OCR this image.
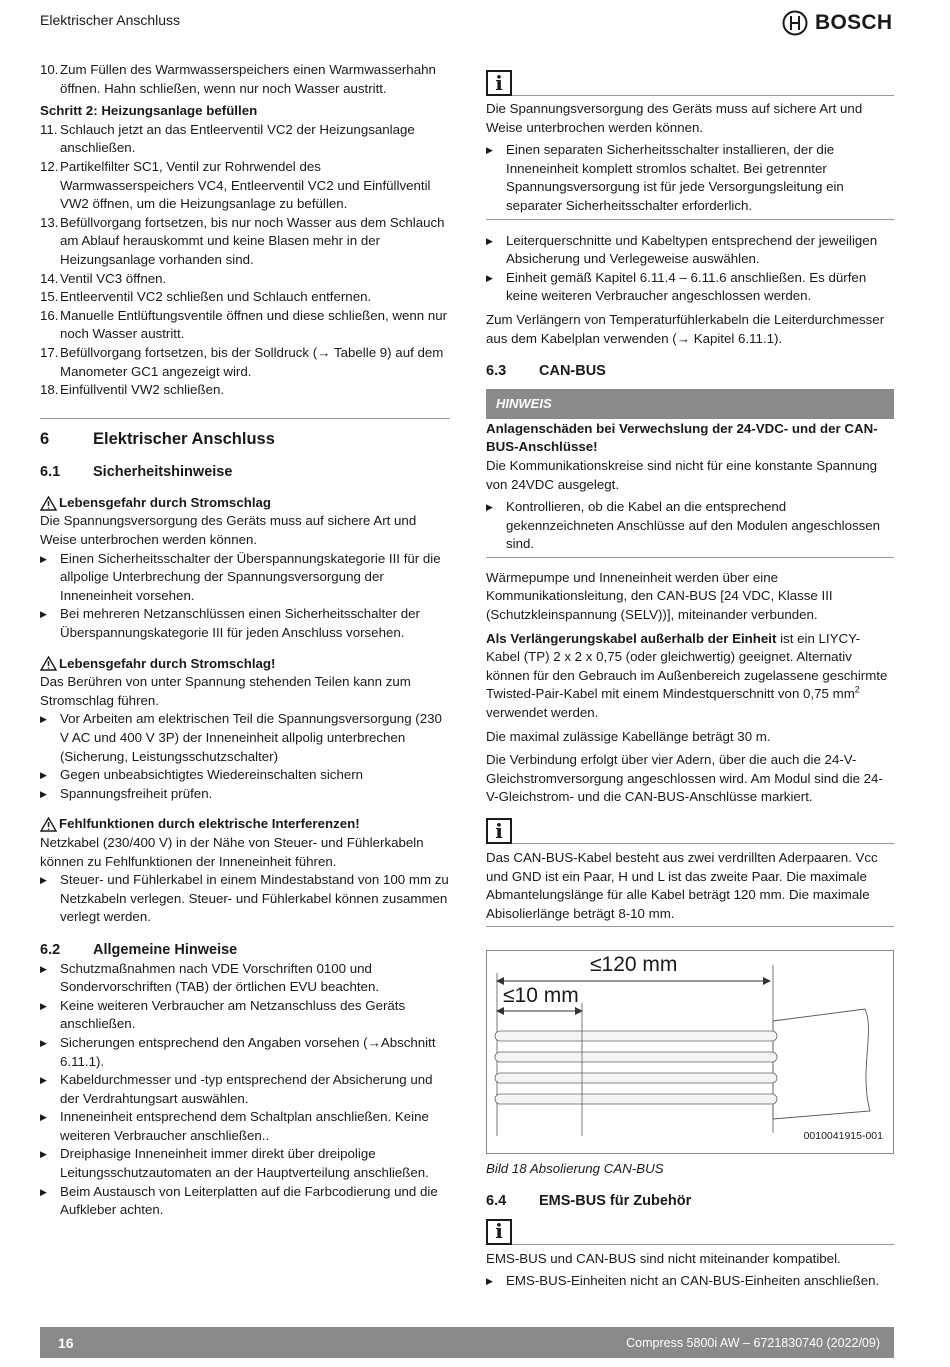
Elektrischer Anschluss	BOSCH
10. Zum Füllen des Warmwasserspeichers einen Warmwasserhahn öffnen. Hahn schließen, wenn nur noch Wasser austritt.
Schritt 2: Heizungsanlage befüllen
11. Schlauch jetzt an das Entleerventil VC2 der Heizungsanlage anschließen.
12. Partikelfilter SC1, Ventil zur Rohrwendel des Warmwasserspeichers VC4, Entleerventil VC2 und Einfüllventil VW2 öffnen, um die Heizungsanlage zu befüllen.
13. Befüllvorgang fortsetzen, bis nur noch Wasser aus dem Schlauch am Ablauf herauskommt und keine Blasen mehr in der Heizungsanlage vorhanden sind.
14. Ventil VC3 öffnen.
15. Entleerventil VC2 schließen und Schlauch entfernen.
16. Manuelle Entlüftungsventile öffnen und diese schließen, wenn nur noch Wasser austritt.
17. Befüllvorgang fortsetzen, bis der Solldruck (→ Tabelle 9) auf dem Manometer GC1 angezeigt wird.
18. Einfüllventil VW2 schließen.
6	Elektrischer Anschluss
6.1	Sicherheitshinweise
Lebensgefahr durch Stromschlag
Die Spannungsversorgung des Geräts muss auf sichere Art und Weise unterbrochen werden können.
▶ Einen Sicherheitsschalter der Überspannungskategorie III für die allpolige Unterbrechung der Spannungsversorgung der Inneneinheit vorsehen.
▶ Bei mehreren Netzanschlüssen einen Sicherheitsschalter der Überspannungskategorie III für jeden Anschluss vorsehen.
Lebensgefahr durch Stromschlag!
Das Berühren von unter Spannung stehenden Teilen kann zum Stromschlag führen.
▶ Vor Arbeiten am elektrischen Teil die Spannungsversorgung (230 V AC und 400 V 3P) der Inneneinheit allpolig unterbrechen (Sicherung, Leistungsschutzschalter)
▶ Gegen unbeabsichtigtes Wiedereinschalten sichern
▶ Spannungsfreiheit prüfen.
Fehlfunktionen durch elektrische Interferenzen!
Netzkabel (230/400 V) in der Nähe von Steuer- und Fühlerkabeln können zu Fehlfunktionen der Inneneinheit führen.
▶ Steuer- und Fühlerkabel in einem Mindestabstand von 100 mm zu Netzkabeln verlegen. Steuer- und Fühlerkabel können zusammen verlegt werden.
6.2	Allgemeine Hinweise
▶ Schutzmaßnahmen nach VDE Vorschriften 0100 und Sondervorschriften (TAB) der örtlichen EVU beachten.
▶ Keine weiteren Verbraucher am Netzanschluss des Geräts anschließen.
▶ Sicherungen entsprechend den Angaben vorsehen (→Abschnitt 6.11.1).
▶ Kabeldurchmesser und -typ entsprechend der Absicherung und der Verdrahtungsart auswählen.
▶ Inneneinheit entsprechend dem Schaltplan anschließen. Keine weiteren Verbraucher anschließen..
▶ Dreiphasige Inneneinheit immer direkt über dreipolige Leitungsschutzautomaten an der Hauptverteilung anschließen.
▶ Beim Austausch von Leiterplatten auf die Farbcodierung und die Aufkleber achten.
i
Die Spannungsversorgung des Geräts muss auf sichere Art und Weise unterbrochen werden können.
▶ Einen separaten Sicherheitsschalter installieren, der die Inneneinheit komplett stromlos schaltet. Bei getrennter Spannungsversorgung ist für jede Versorgungsleitung ein separater Sicherheitsschalter erforderlich.
▶ Leiterquerschnitte und Kabeltypen entsprechend der jeweiligen Absicherung und Verlegeweise auswählen.
▶ Einheit gemäß Kapitel 6.11.4 – 6.11.6 anschließen. Es dürfen keine weiteren Verbraucher angeschlossen werden.
Zum Verlängern von Temperaturfühlerkabeln die Leiterdurchmesser aus dem Kabelplan verwenden (→ Kapitel 6.11.1).
6.3	CAN-BUS
HINWEIS
Anlagenschäden bei Verwechslung der 24-VDC- und der CAN-BUS-Anschlüsse!
Die Kommunikationskreise sind nicht für eine konstante Spannung von 24VDC ausgelegt.
▶ Kontrollieren, ob die Kabel an die entsprechend gekennzeichneten Anschlüsse auf den Modulen angeschlossen sind.
Wärmepumpe und Inneneinheit werden über eine Kommunikationsleitung, den CAN-BUS [24 VDC, Klasse III (Schutzkleinspannung (SELV))], miteinander verbunden.
Als Verlängerungskabel außerhalb der Einheit ist ein LIYCY-Kabel (TP) 2 x 2 x 0,75 (oder gleichwertig) geeignet. Alternativ können für den Gebrauch im Außenbereich zugelassene geschirmte Twisted-Pair-Kabel mit einem Mindestquerschnitt von 0,75 $mm^2$ verwendet werden.
Die maximal zulässige Kabellänge beträgt 30 m.
Die Verbindung erfolgt über vier Adern, über die auch die 24-V-Gleichstromversorgung angeschlossen wird. Am Modul sind die 24-V-Gleichstrom- und die CAN-BUS-Anschlüsse markiert.
i
Das CAN-BUS-Kabel besteht aus zwei verdrillten Aderpaaren. Vcc und GND ist ein Paar, H und L ist das zweite Paar. Die maximale Abmantelungslänge für alle Kabel beträgt 120 mm. Die maximale Abisolierlänge beträgt 8-10 mm.
≤120 mm
≤10 mm
0010041915-001
Bild 18 Absolierung CAN-BUS
6.4	EMS-BUS für Zubehör
i
EMS-BUS und CAN-BUS sind nicht miteinander kompatibel.
▶ EMS-BUS-Einheiten nicht an CAN-BUS-Einheiten anschließen.
16	Compress 5800i AW – 6721830740 (2022/09)
